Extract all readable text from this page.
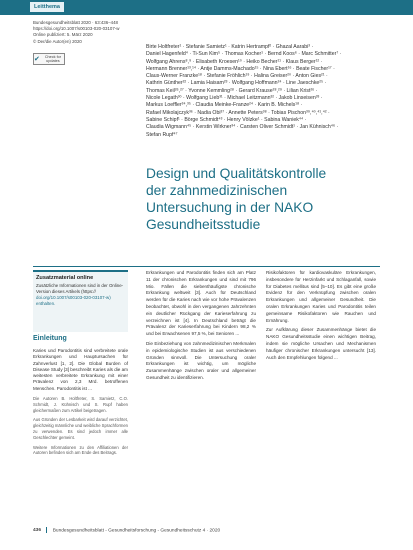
Leitthema
Bundesgesundheitsblatt 2020 · 63:436–448
https://doi.org/10.1007/s00103-020-03107-w
Online publiziert: 5. März 2020
© Der/die Autor(en) 2020
✔	Check for updates
Birte Holtfreter¹ · Stefanie Samietz¹ · Katrin Hertrampf² · Ghazal Aarabi³ ·
Daniel Hagenfeld⁴ · Ti-Sun Kim⁵ · Thomas Kocher¹ · Bernd Koos⁶ · Marc Schmitter⁷ ·
Wolfgang Ahrens⁸,⁹ · Elisabeth Kroesen¹⁰ · Heiko Becher¹¹ · Klaus Berger¹² ·
Hermann Brenner¹³,¹⁴ · Antje Damms-Machado¹⁵ · Nina Ebert¹⁶ · Beate Fischer¹⁷ ·
Claus-Werner Franzke¹⁸ · Stefanie Fröhlich¹⁹ · Halina Greiser²⁰ · Anton Gies²¹ ·
Kathrin Günther²² · Lamia Haisam²³ · Wolfgang Hoffmann²⁴ · Line Jaeschke²⁵ ·
Thomas Keil²⁶,²⁷ · Yvonne Kemmling²⁸ · Gerard Krause²⁸,²⁹ · Lilian Krist²⁶ ·
Nicole Legath³⁰ · Wolfgang Lieb³¹ · Michael Leitzmann³² · Jakob Linseisen³³ ·
Markus Loeffler³⁴,³⁵ · Claudia Meinke-Franze²⁴ · Karin B. Michels¹⁸ ·
Rafael Mikolajczyk³⁶ · Nadia Obi³⁷ · Annette Peters³⁸ · Tobias Pischon³⁹,⁴⁰,⁴¹,⁴² ·
Sabine Schipf¹ · Börge Schmidt⁴³ · Henry Völzke¹ · Sabina Waniek⁴⁴ ·
Claudia Wigmann⁴⁵ · Kerstin Wirkner³⁴ · Carsten Oliver Schmidt¹ · Jan Kühnisch⁴⁶ ·
Stefan Rupf⁴⁷
Design und Qualitätskontrolle
der zahnmedizinischen
Untersuchung in der NAKO
Gesundheitsstudie
Zusatzmaterial online

Zusätzliche Informationen sind in der Online-Version dieses Artikels (https://

doi.org/10.1007/s00103-020-03107-w) enthalten.

Einleitung

Karies und Parodontitis sind verbreitete orale Erkrankungen und Hauptursachen für Zahnverlust [1, 2]. Die Global Burden of Disease Study [3] beschreibt Karies als die am weitesten verbreitete Erkrankung mit einer Prävalenz von 2,3 Mrd. betroffenen Menschen. Parodontitis ist ...

Die Autoren B. Holtfreter, S. Samietz, C.O. Schmidt, J. Kühnisch und S. Rupf haben gleichermaßen zum Artikel beigetragen.

Aus Gründen der Lesbarkeit wird darauf verzichtet, gleichzeitig männliche und weibliche Sprachformen zu verwenden. Es sind jedoch immer alle Geschlechter gemeint.

Weitere Informationen zu den Affiliationen der Autoren befinden sich am Ende des Beitrags.

Erkrankungen und Parodontitis finden sich am Platz 11 der chronischen Erkrankungen und sind mit 796 Mio. Fällen die siebenthäufigste chronische Erkrankung weltweit [3]. Auch für Deutschland werden für die Karies nach wie vor hohe Prävalenzen beobachtet, obwohl in den vergangenen Jahrzehnten ein deutlicher Rückgang der Karieserfahrung zu verzeichnen ist [4]. In Deutschland beträgt die Prävalenz der Karieserfahrung bei Kindern 98,2 % und bei Erwachsenen 97,5 %, bei Senioren ...

Die Einbeziehung von zahnmedizinischen Merkmalen in epidemiologische Studien ist aus verschiedenen Gründen sinnvoll. Die Untersuchung oraler Erkrankungen ist wichtig, um mögliche Zusammenhänge zwischen oraler und allgemeiner Gesundheit zu identifizieren.

Risikofaktoren für kardiovaskuläre Erkrankungen, insbesondere für Herzinfarkt und Schlaganfall, sowie für Diabetes mellitus sind [5–10]. Es gibt eine große Evidenz für den Verknüpfung zwischen oralen Erkrankungen und allgemeiner Gesundheit. Die oralen Erkrankungen Karies und Parodontitis teilen gemeinsame Risikofaktoren wie Rauchen und Ernährung.

Zur Aufklärung dieser Zusammenhänge bietet die NAKO Gesundheitsstudie einen wichtigen Beitrag, indem sie mögliche Ursachen und Mechanismen häufiger chronischer Erkrankungen untersucht [13]. Auch den Empfehlungen folgend ...

436 Bundesgesundheitsblatt - Gesundheitsforschung - Gesundheitsschutz 4 · 2020
